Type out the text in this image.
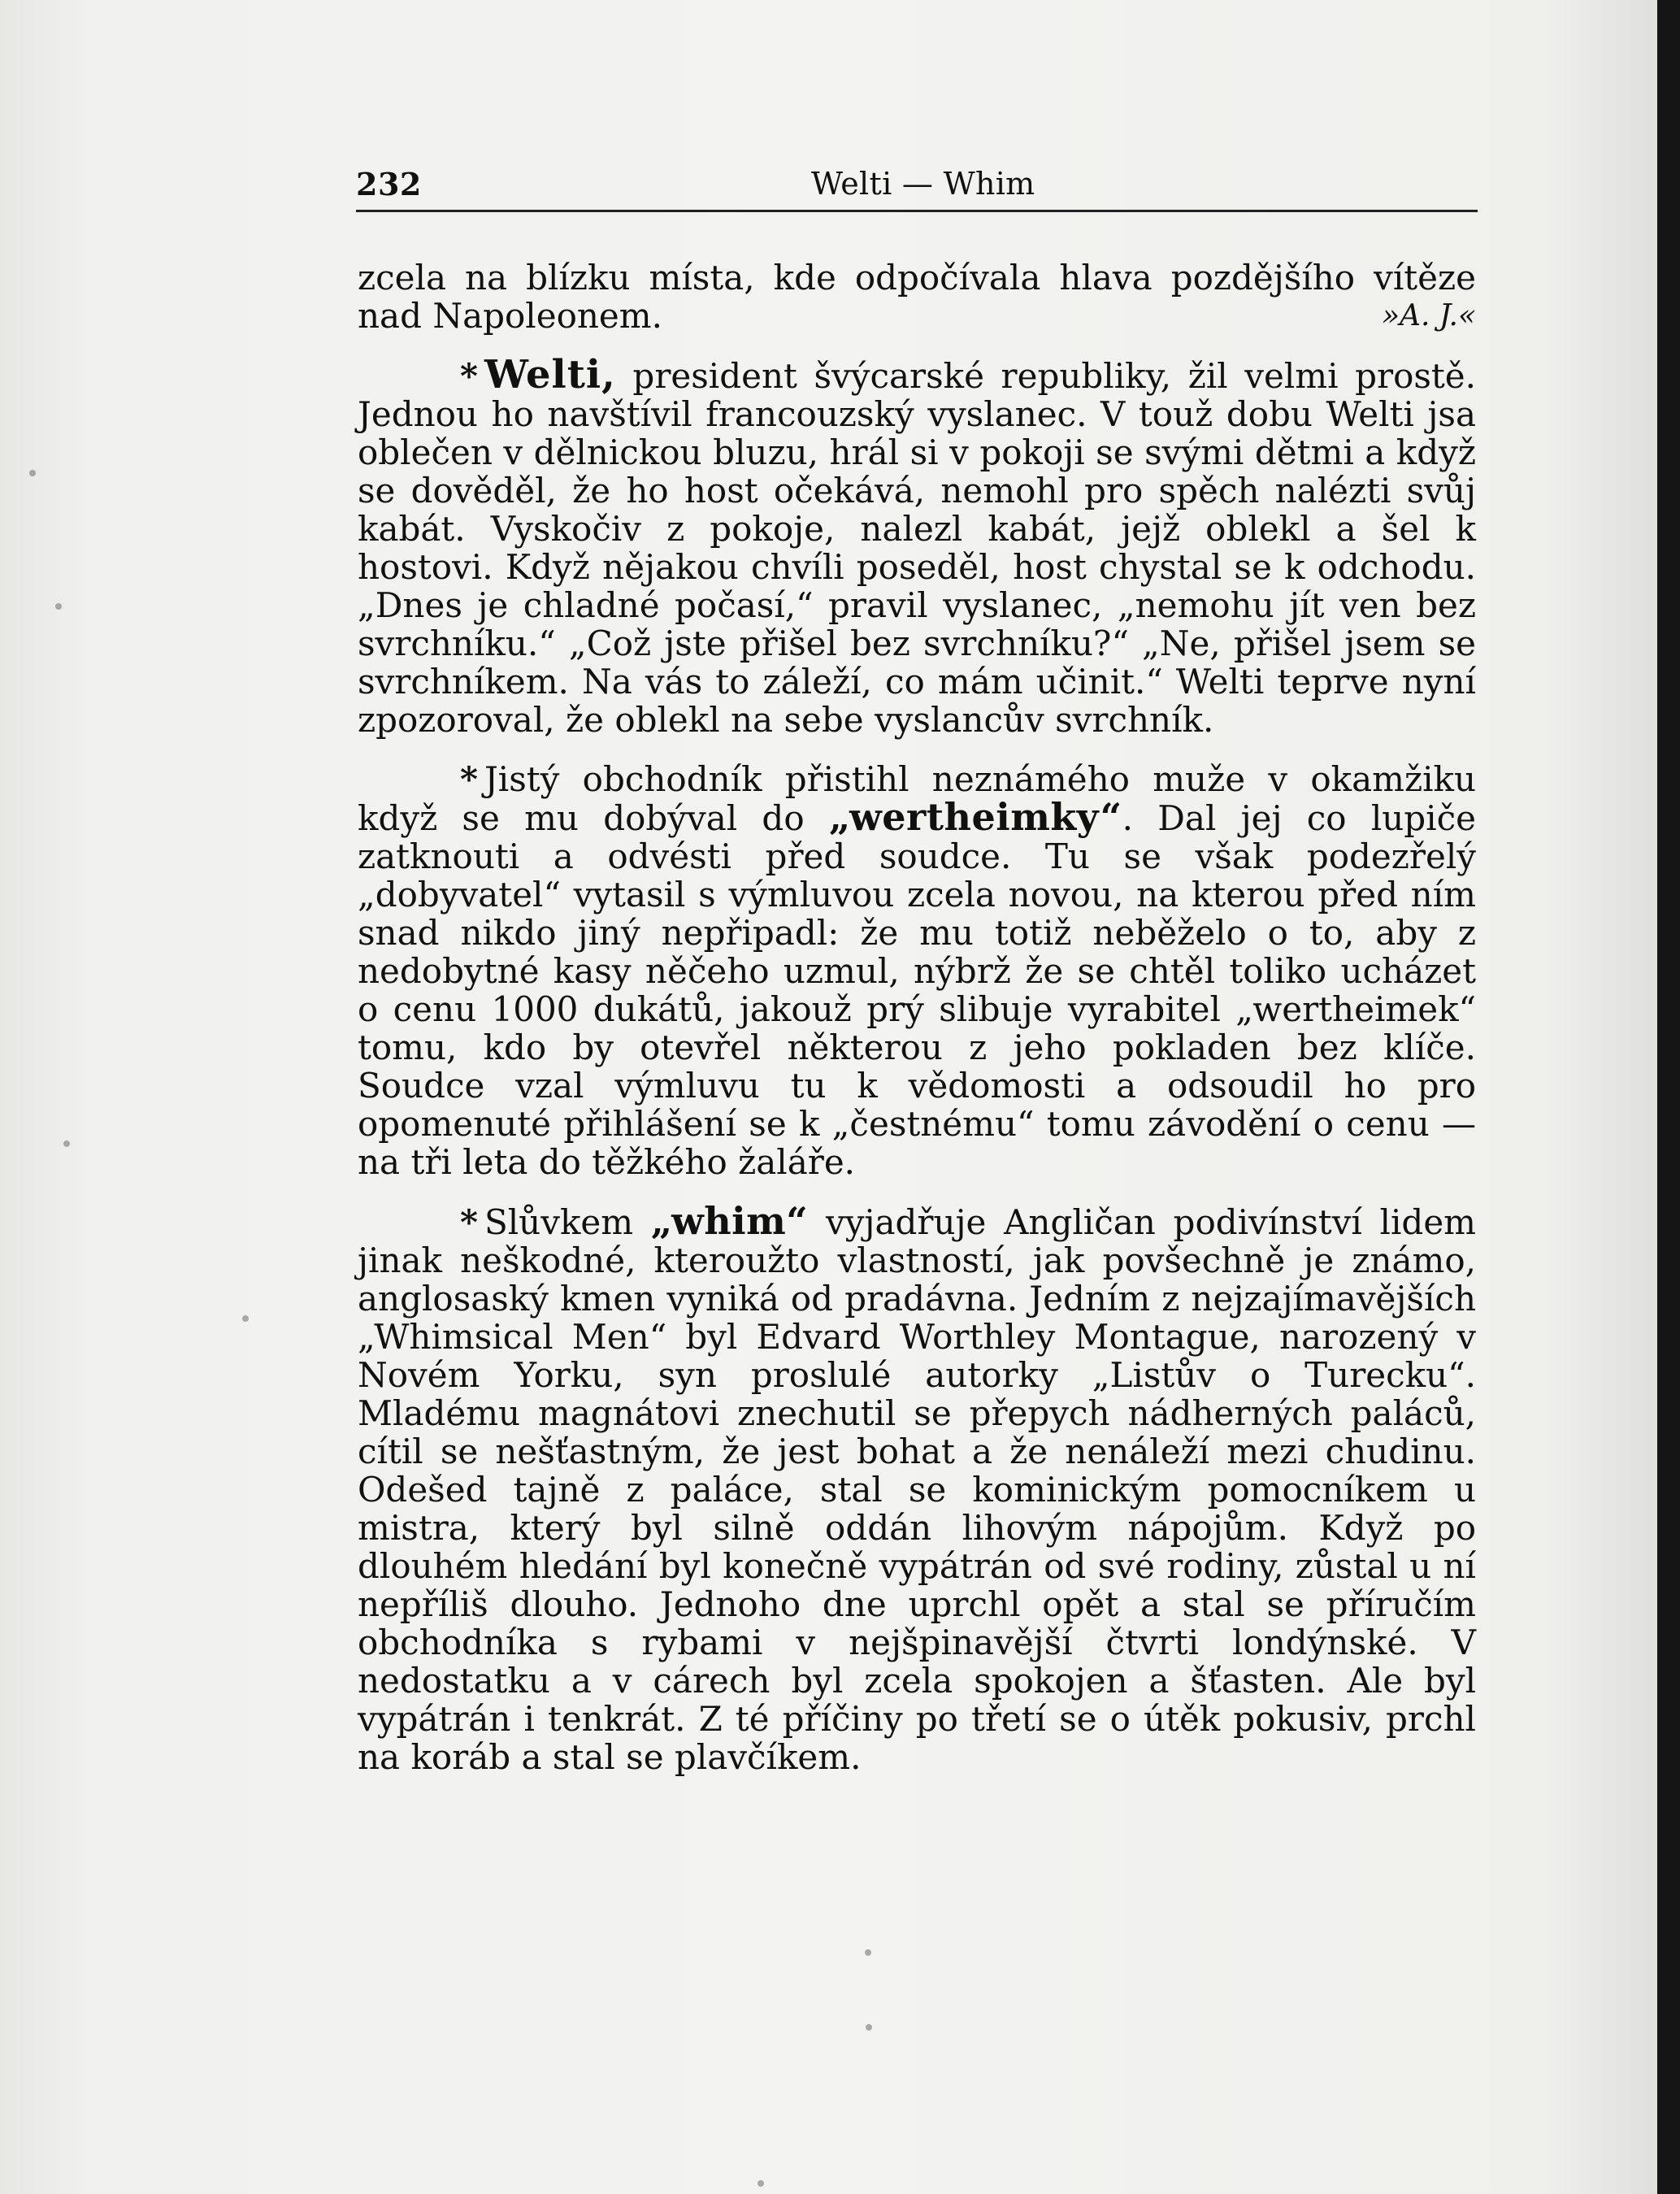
232	Welti — Whim

zcela na blízku místa, kde odpočívala hlava pozdějšího vítěze nad Napoleonem.	»A. J.«

* Welti, president švýcarské republiky, žil velmi prostě. Jednou ho navštívil francouzský vyslanec. V touž dobu Welti jsa oblečen v dělnickou bluzu, hrál si v pokoji se svými dětmi a když se dověděl, že ho host očekává, nemohl pro spěch nalézti svůj kabát. Vyskočiv z pokoje, nalezl kabát, jejž oblekl a šel k hostovi. Když nějakou chvíli poseděl, host chystal se k odchodu. „Dnes je chladné počasí,“ pravil vyslanec, „nemohu jít ven bez svrchníku.“ „Což jste přišel bez svrchníku?“ „Ne, přišel jsem se svrchníkem. Na vás to záleží, co mám učinit.“ Welti teprve nyní zpozoroval, že oblekl na sebe vyslancův svrchník.

* Jistý obchodník přistihl neznámého muže v okamžiku když se mu dobýval do „wertheimky“. Dal jej co lupiče zatknouti a odvésti před soudce. Tu se však podezřelý „dobyvatel“ vytasil s výmluvou zcela novou, na kterou před ním snad nikdo jiný nepřipadl: že mu totiž neběželo o to, aby z nedobytné kasy něčeho uzmul, nýbrž že se chtěl toliko ucházet o cenu 1000 dukátů, jakouž prý slibuje vyrabitel „wertheimek“ tomu, kdo by otevřel některou z jeho pokladen bez klíče. Soudce vzal výmluvu tu k vědomosti a odsoudil ho pro opomenuté přihlášení se k „čestnému“ tomu závodění o cenu — na tři leta do těžkého žaláře.

* Slůvkem „whim“ vyjadřuje Angličan podivínství lidem jinak neškodné, kteroužto vlastností, jak povšechně je známo, anglosaský kmen vyniká od pradávna. Jedním z nejzajímavějších „Whimsical Men“ byl Edvard Worthley Montague, narozený v Novém Yorku, syn proslulé autorky „Listův o Turecku“. Mladému magnátovi znechutil se přepych nádherných paláců, cítil se nešťastným, že jest bohat a že nenáleží mezi chudinu. Odešed tajně z paláce, stal se kominickým pomocníkem u mistra, který byl silně oddán lihovým nápojům. Když po dlouhém hledání byl konečně vypátrán od své rodiny, zůstal u ní nepříliš dlouho. Jednoho dne uprchl opět a stal se příručím obchodníka s rybami v nejšpinavější čtvrti londýnské. V nedostatku a v cárech byl zcela spokojen a šťasten. Ale byl vypátrán i tenkrát. Z té příčiny po třetí se o útěk pokusiv, prchl na koráb a stal se plavčíkem.
